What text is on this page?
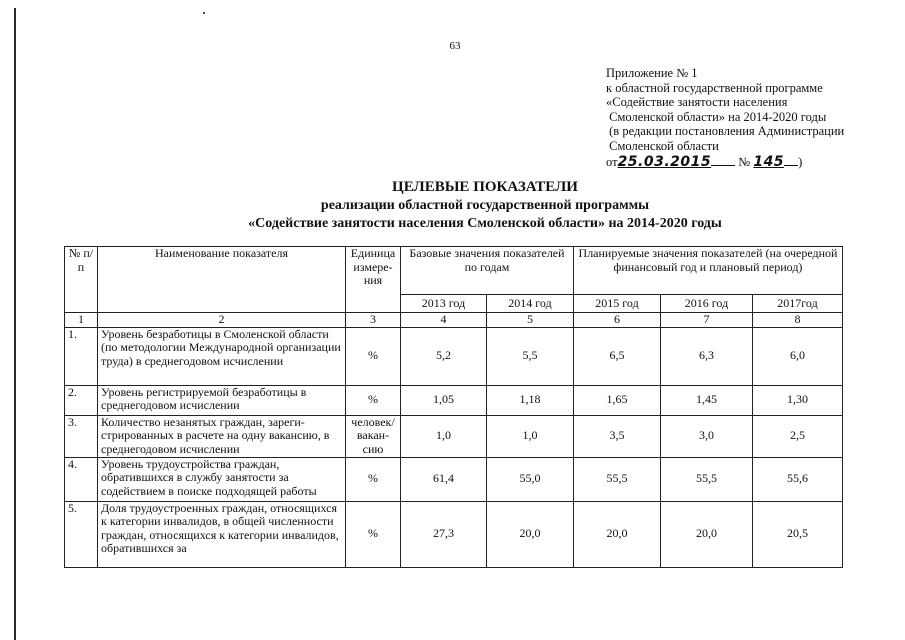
63
Приложение № 1
к областной государственной программе
«Содействие занятости населения
Смоленской области» на 2014-2020 годы
(в редакции постановления Администрации
Смоленской области
от25.03.2015 № 145 )
ЦЕЛЕВЫЕ ПОКАЗАТЕЛИ
реализации областной государственной программы
«Содействие занятости населения Смоленской области» на 2014-2020 годы
№ п/п	Наименование показателя	Единица измере-ния	Базовые значения показателей по годам		Планируемые значения показателей (на очередной финансовый год и плановый период)		
			2013 год	2014 год	2015 год	2016 год	2017год
1	2	3	4	5	6	7	8
1.	Уровень безработицы в Смоленской области (по методологии Международной организации труда) в среднегодовом исчислении	%	5,2	5,5	6,5	6,3	6,0
2.	Уровень регистрируемой безработицы в среднегодовом исчислении	%	1,05	1,18	1,65	1,45	1,30
3.	Количество незанятых граждан, зареги-стрированных в расчете на одну вакансию, в среднегодовом исчислении	человек/ вакан-сию	1,0	1,0	3,5	3,0	2,5
4.	Уровень трудоустройства граждан, обратившихся в службу занятости за содействием в поиске подходящей работы	%	61,4	55,0	55,5	55,5	55,6
5.	Доля трудоустроенных граждан, относящихся к категории инвалидов, в общей численности граждан, относящихся к категории инвалидов, обратившихся за	%	27,3	20,0	20,0	20,0	20,5
